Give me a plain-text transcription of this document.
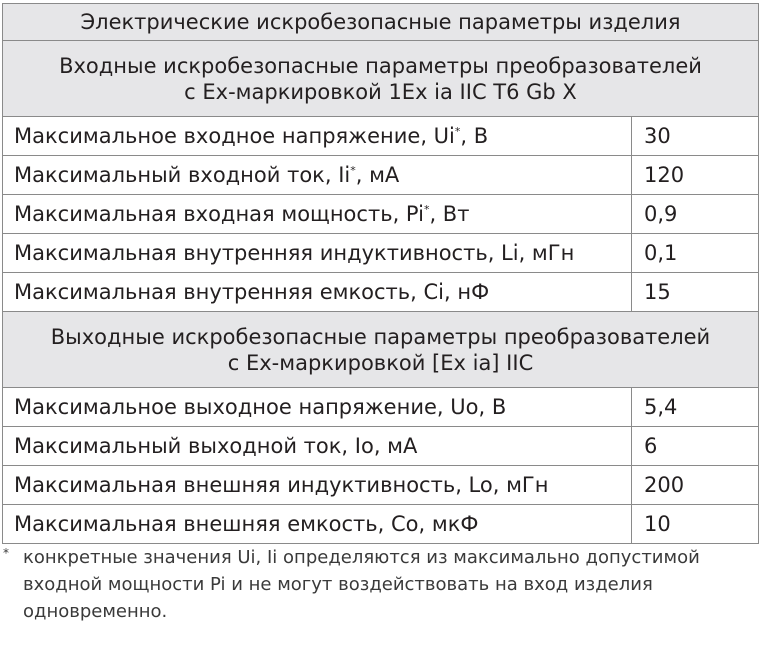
Электрические искробезопасные параметры изделия	

Входные искробезопасные параметры преобразователей
с Ex-маркировкой 1Ex ia IIC T6 Gb X	

Максимальное входное напряжение, Ui*, В	30
Максимальный входной ток, Ii*, мА	120
Максимальная входная мощность, Pi*, Вт	0,9
Максимальная внутренняя индуктивность, Li, мГн	0,1
Максимальная внутренняя емкость, Ci, нФ	15

Выходные искробезопасные параметры преобразователей
с Ex-маркировкой [Ex ia] IIC	

Максимальное выходное напряжение, Uo, В	5,4
Максимальный выходной ток, Io, мА	6
Максимальная внешняя индуктивность, Lo, мГн	200
Максимальная внешняя емкость, Co, мкФ	10
* конкретные значения Ui, Ii определяются из максимально допустимой
входной мощности Pi и не могут воздействовать на вход изделия
одновременно.
